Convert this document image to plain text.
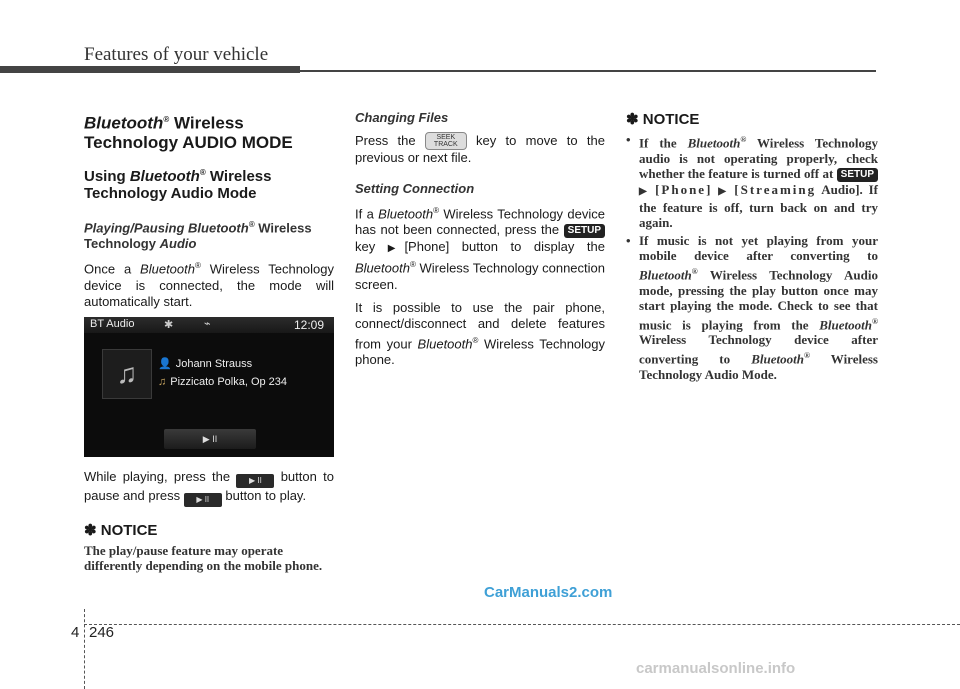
Features of your vehicle
Bluetooth® Wireless
Technology AUDIO MODE
Using Bluetooth® Wireless
Technology Audio Mode
Playing/Pausing Bluetooth® Wireless
Technology Audio

Once a Bluetooth® Wireless Technology device is connected, the mode will automatically start.

BT Audio	✱	⌁	12:09
♫	👤 Johann Strauss
♫ Pizzicato Polka, Op 234
▶ II

While playing, press the ▶ II button to pause and press ▶ II button to play.

✽ NOTICE

The play/pause feature may operate differently depending on the mobile phone.

Changing Files

Press the	SEEK
TRACK key to move to the previous or next file.

Setting Connection

If a Bluetooth® Wireless Technology device has not been connected, press the SETUP key ▶[Phone] button to display the Bluetooth® Wireless Technology connection screen.

It is possible to use the pair phone, connect/disconnect and delete features from your Bluetooth® Wireless Technology phone.

✽ NOTICE

• If the Bluetooth® Wireless Technology audio is not operating properly, check whether the feature is turned off at SETUP ▶ [Phone] ▶ [Streaming Audio]. If the feature is off, turn back on and try again.

• If music is not yet playing from your mobile device after converting to Bluetooth® Wireless Technology Audio mode, pressing the play button once may start playing the mode. Check to see that music is playing from the Bluetooth® Wireless Technology device after converting to Bluetooth® Wireless Technology Audio Mode.

CarManuals2.com
4 246
carmanualsonline.info
